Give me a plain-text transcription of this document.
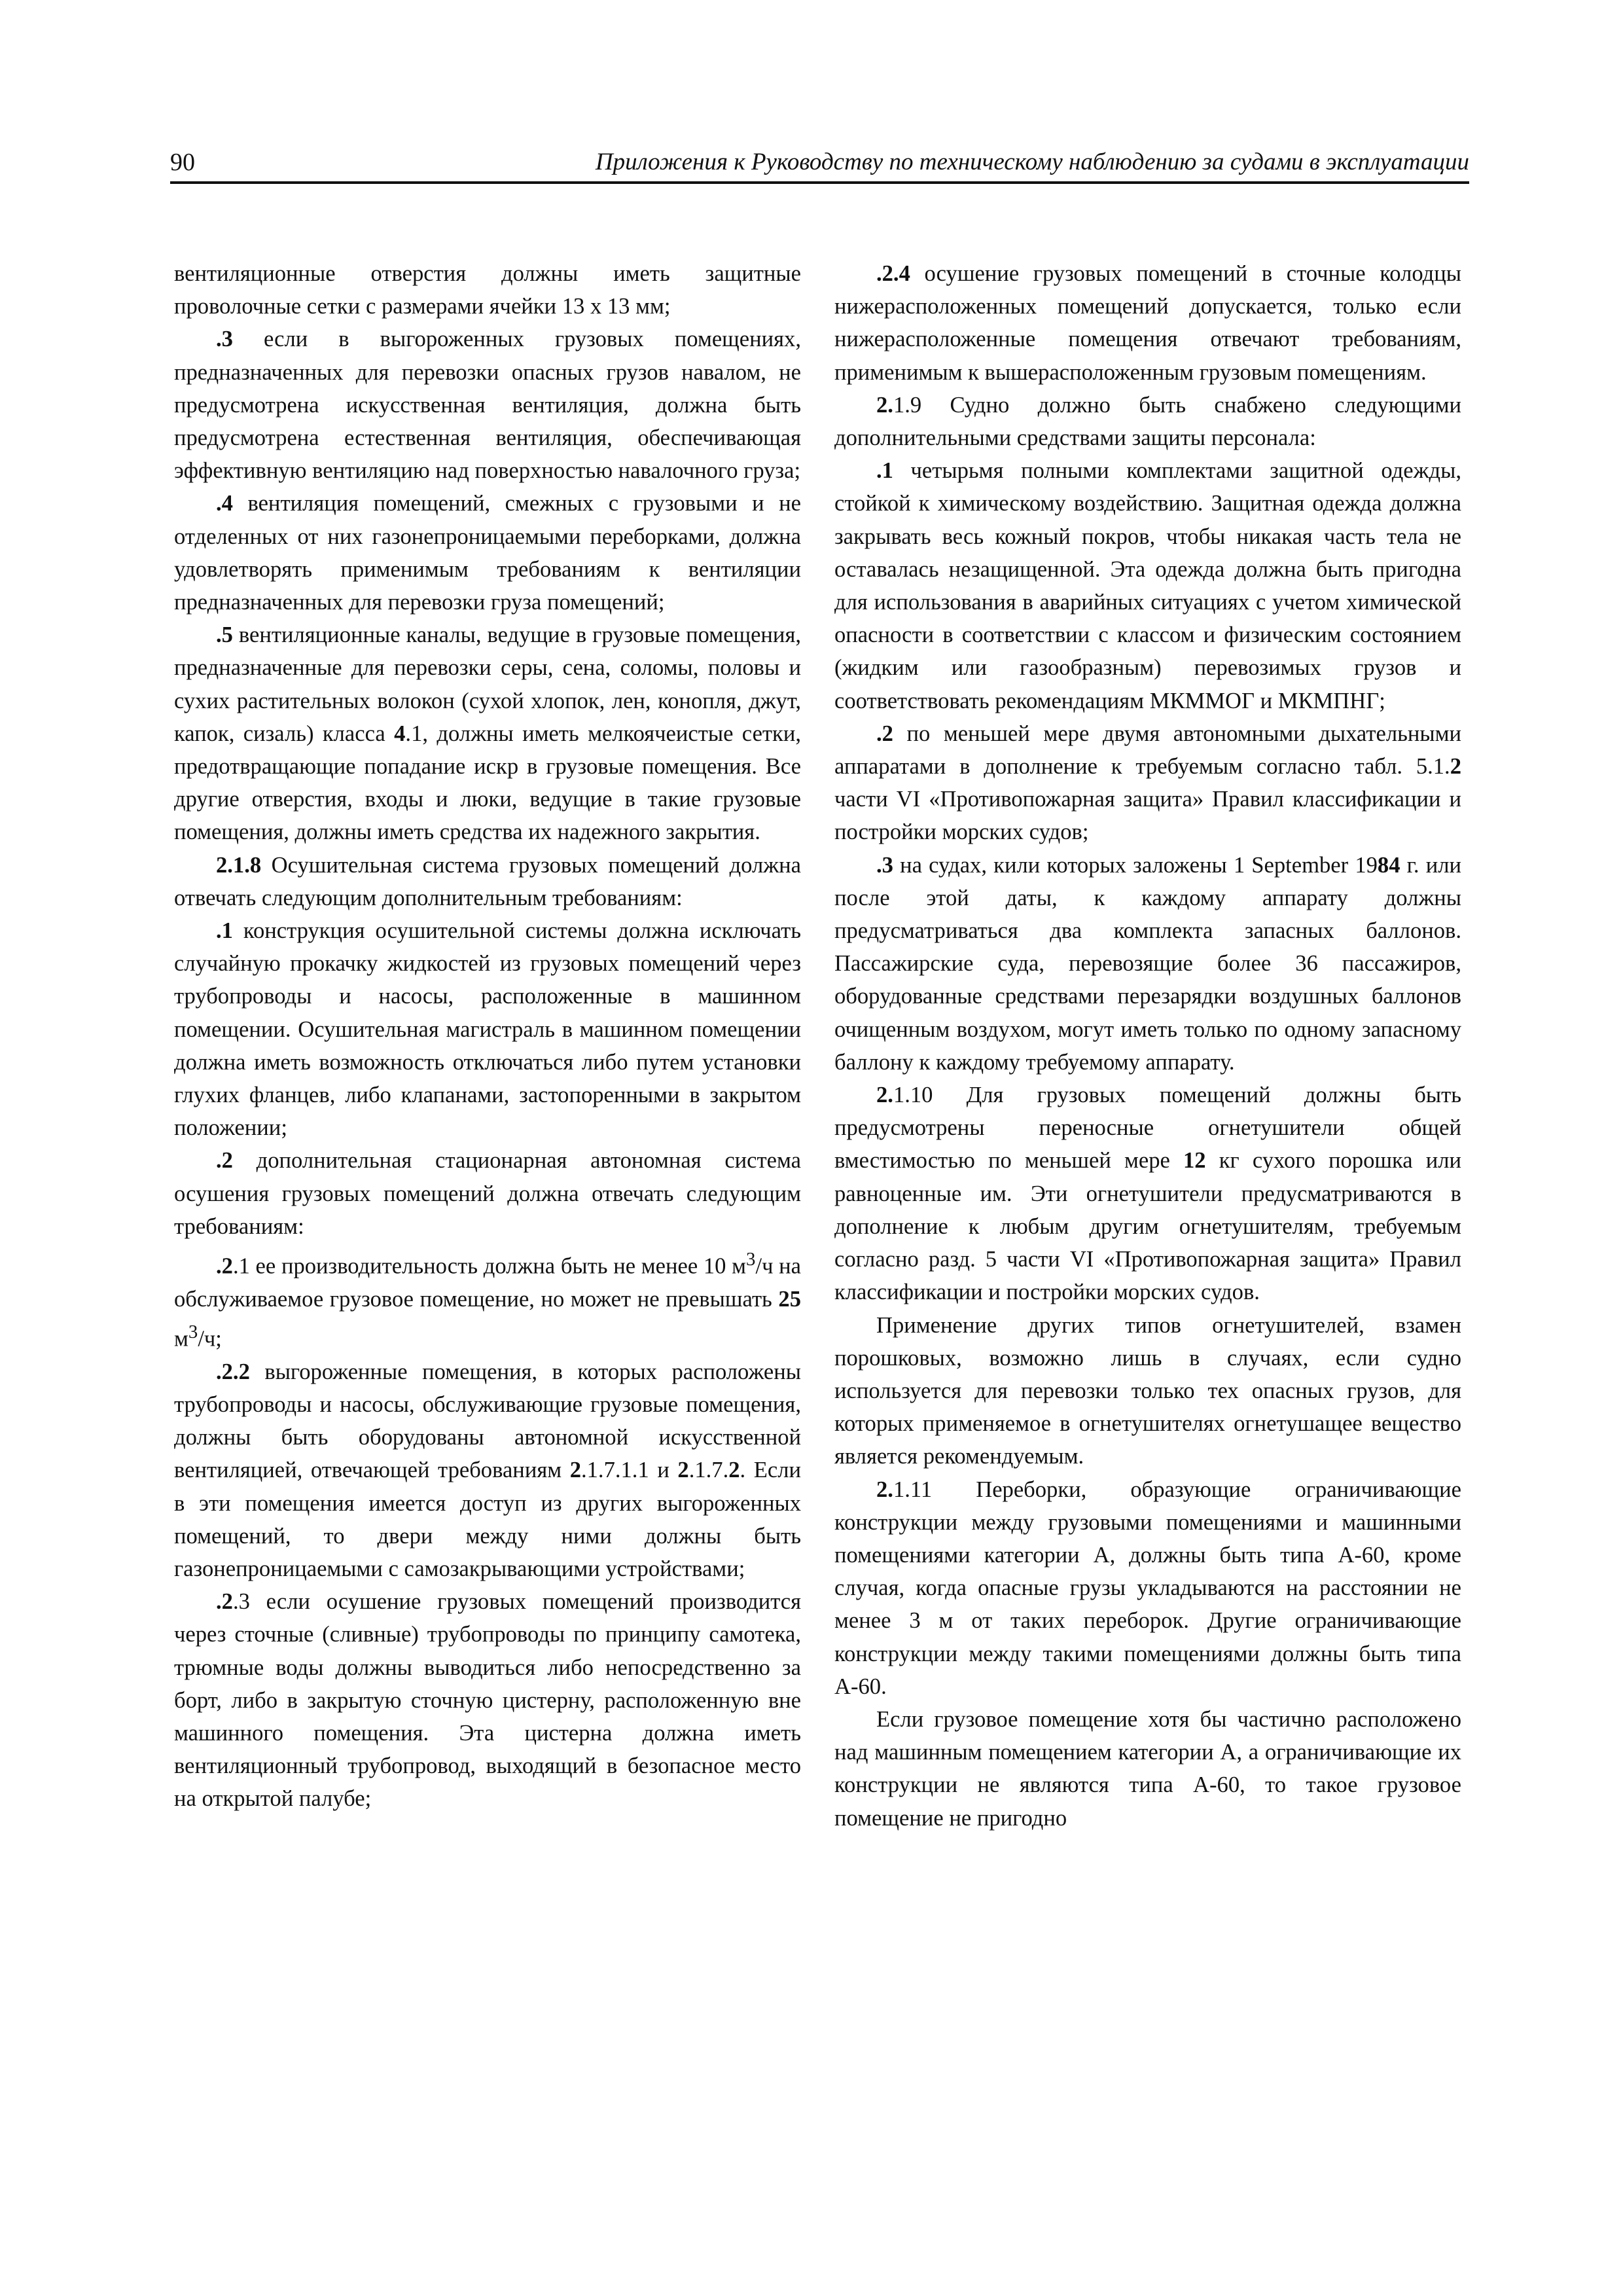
90	Приложения к Руководству по техническому наблюдению за судами в эксплуатации

вентиляционные отверстия должны иметь защитные проволочные сетки с размерами ячейки 13 х 13 мм;

.3 если в выгороженных грузовых помещениях, предназначенных для перевозки опасных грузов навалом, не предусмотрена искусственная вентиляция, должна быть предусмотрена естественная вентиляция, обеспечивающая эффективную вентиляцию над поверхностью навалочного груза;

.4 вентиляция помещений, смежных с грузовыми и не отделенных от них газонепроницаемыми переборками, должна удовлетворять применимым требованиям к вентиляции предназначенных для перевозки груза помещений;

.5 вентиляционные каналы, ведущие в грузовые помещения, предназначенные для перевозки серы, сена, соломы, половы и сухих растительных волокон (сухой хлопок, лен, конопля, джут, капок, сизаль) класса 4.1, должны иметь мелкоячеистые сетки, предотвращающие попадание искр в грузовые помещения. Все другие отверстия, входы и люки, ведущие в такие грузовые помещения, должны иметь средства их надежного закрытия.

2.1.8 Осушительная система грузовых помещений должна отвечать следующим дополнительным требованиям:

.1 конструкция осушительной системы должна исключать случайную прокачку жидкостей из грузовых помещений через трубопроводы и насосы, расположенные в машинном помещении. Осушительная магистраль в машинном помещении должна иметь возможность отключаться либо путем установки глухих фланцев, либо клапанами, застопоренными в закрытом положении;

.2 дополнительная стационарная автономная система осушения грузовых помещений должна отвечать следующим требованиям:

.2.1 ее производительность должна быть не менее 10 $м^3/ч$ на обслуживаемое грузовое помещение, но может не превышать 25 $м^3/ч$;

.2.2 выгороженные помещения, в которых расположены трубопроводы и насосы, обслуживающие грузовые помещения, должны быть оборудованы автономной искусственной вентиляцией, отвечающей требованиям 2.1.7.1.1 и 2.1.7.2. Если в эти помещения имеется доступ из других выгороженных помещений, то двери между ними должны быть газонепроницаемыми с самозакрывающими устройствами;

.2.3 если осушение грузовых помещений производится через сточные (сливные) трубопроводы по принципу самотека, трюмные воды должны выводиться либо непосредственно за борт, либо в закрытую сточную цистерну, расположенную вне машинного помещения. Эта цистерна должна иметь вентиляционный трубопровод, выходящий в безопасное место на открытой палубе;

.2.4 осушение грузовых помещений в сточные колодцы нижерасположенных помещений допускается, только если нижерасположенные помещения отвечают требованиям, применимым к вышерасположенным грузовым помещениям.

2.1.9 Судно должно быть снабжено следующими дополнительными средствами защиты персонала:

.1 четырьмя полными комплектами защитной одежды, стойкой к химическому воздействию. Защитная одежда должна закрывать весь кожный покров, чтобы никакая часть тела не оставалась незащищенной. Эта одежда должна быть пригодна для использования в аварийных ситуациях с учетом химической опасности в соответствии с классом и физическим состоянием (жидким или газообразным) перевозимых грузов и соответствовать рекомендациям МКММОГ и МКМПНГ;

.2 по меньшей мере двумя автономными дыхательными аппаратами в дополнение к требуемым согласно табл. 5.1.2 части VI «Противопожарная защита» Правил классификации и постройки морских судов;

.3 на судах, кили которых заложены 1 September 1984 г. или после этой даты, к каждому аппарату должны предусматриваться два комплекта запасных баллонов. Пассажирские суда, перевозящие более 36 пассажиров, оборудованные средствами перезарядки воздушных баллонов очищенным воздухом, могут иметь только по одному запасному баллону к каждому требуемому аппарату.

2.1.10 Для грузовых помещений должны быть предусмотрены переносные огнетушители общей вместимостью по меньшей мере 12 кг сухого порошка или равноценные им. Эти огнетушители предусматриваются в дополнение к любым другим огнетушителям, требуемым согласно разд. 5 части VI «Противопожарная защита» Правил классификации и постройки морских судов.

Применение других типов огнетушителей, взамен порошковых, возможно лишь в случаях, если судно используется для перевозки только тех опасных грузов, для которых применяемое в огнетушителях огнетушащее вещество является рекомендуемым.

2.1.11 Переборки, образующие ограничивающие конструкции между грузовыми помещениями и машинными помещениями категории А, должны быть типа А-60, кроме случая, когда опасные грузы укладываются на расстоянии не менее 3 м от таких переборок. Другие ограничивающие конструкции между такими помещениями должны быть типа А-60.

Если грузовое помещение хотя бы частично расположено над машинным помещением категории А, а ограничивающие их конструкции не являются типа А-60, то такое грузовое помещение не пригодно
